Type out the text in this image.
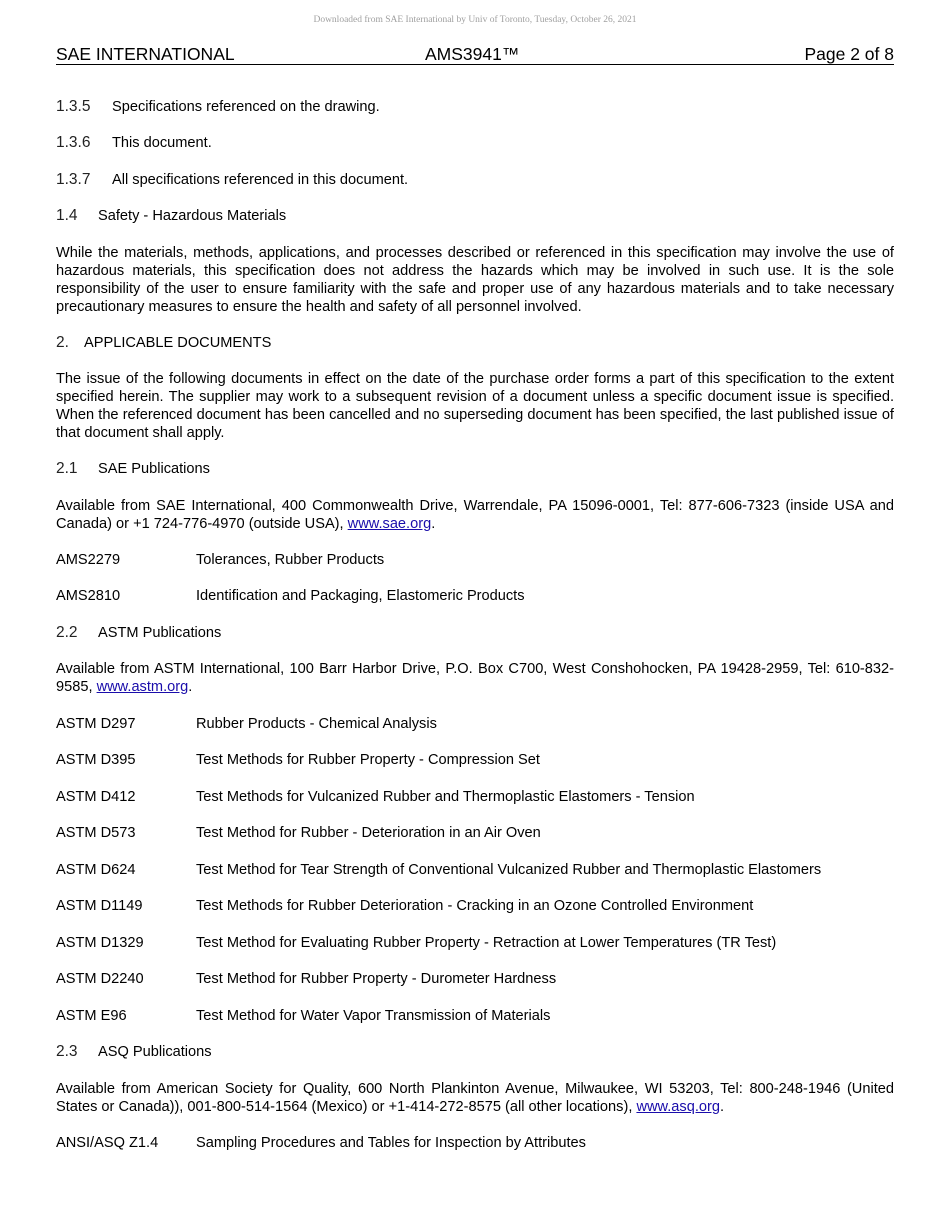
Downloaded from SAE International by Univ of Toronto, Tuesday, October 26, 2021
SAE INTERNATIONAL	AMS3941™	Page 2 of 8
1.3.5 Specifications referenced on the drawing.
1.3.6 This document.
1.3.7 All specifications referenced in this document.
1.4 Safety - Hazardous Materials
While the materials, methods, applications, and processes described or referenced in this specification may involve the use of hazardous materials, this specification does not address the hazards which may be involved in such use. It is the sole responsibility of the user to ensure familiarity with the safe and proper use of any hazardous materials and to take necessary precautionary measures to ensure the health and safety of all personnel involved.
2. APPLICABLE DOCUMENTS
The issue of the following documents in effect on the date of the purchase order forms a part of this specification to the extent specified herein. The supplier may work to a subsequent revision of a document unless a specific document issue is specified. When the referenced document has been cancelled and no superseding document has been specified, the last published issue of that document shall apply.
2.1 SAE Publications
Available from SAE International, 400 Commonwealth Drive, Warrendale, PA 15096-0001, Tel: 877-606-7323 (inside USA and Canada) or +1 724-776-4970 (outside USA), www.sae.org.
AMS2279	Tolerances, Rubber Products
AMS2810	Identification and Packaging, Elastomeric Products
2.2 ASTM Publications
Available from ASTM International, 100 Barr Harbor Drive, P.O. Box C700, West Conshohocken, PA 19428-2959, Tel: 610-832-9585, www.astm.org.
ASTM D297	Rubber Products - Chemical Analysis
ASTM D395	Test Methods for Rubber Property - Compression Set
ASTM D412	Test Methods for Vulcanized Rubber and Thermoplastic Elastomers - Tension
ASTM D573	Test Method for Rubber - Deterioration in an Air Oven
ASTM D624	Test Method for Tear Strength of Conventional Vulcanized Rubber and Thermoplastic Elastomers
ASTM D1149	Test Methods for Rubber Deterioration - Cracking in an Ozone Controlled Environment
ASTM D1329	Test Method for Evaluating Rubber Property - Retraction at Lower Temperatures (TR Test)
ASTM D2240	Test Method for Rubber Property - Durometer Hardness
ASTM E96	Test Method for Water Vapor Transmission of Materials
2.3 ASQ Publications
Available from American Society for Quality, 600 North Plankinton Avenue, Milwaukee, WI 53203, Tel: 800-248-1946 (United States or Canada)), 001-800-514-1564 (Mexico) or +1-414-272-8575 (all other locations), www.asq.org.
ANSI/ASQ Z1.4	Sampling Procedures and Tables for Inspection by Attributes
